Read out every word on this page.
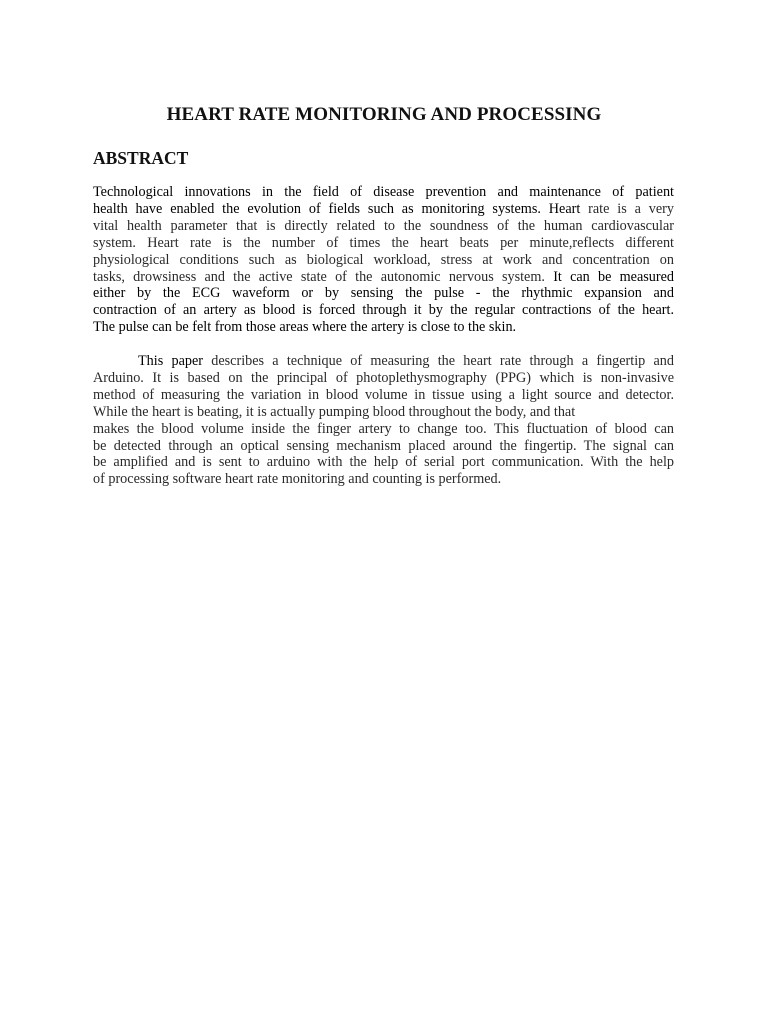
HEART RATE MONITORING AND PROCESSING
ABSTRACT

Technological innovations in the field of disease prevention and maintenance of patient
health have enabled the evolution of fields such as monitoring systems. Heart rate is a very
vital health parameter that is directly related to the soundness of the human cardiovascular
system. Heart rate is the number of times the heart beats per minute,reflects different
physiological conditions such as biological workload, stress at work and concentration on
tasks, drowsiness and the active state of the autonomic nervous system. It can be measured
either by the ECG waveform or by sensing the pulse - the rhythmic expansion and
contraction of an artery as blood is forced through it by the regular contractions of the heart.
The pulse can be felt from those areas where the artery is close to the skin.

This paper describes a technique of measuring the heart rate through a fingertip and
Arduino. It is based on the principal of photoplethysmography (PPG) which is non-invasive
method of measuring the variation in blood volume in tissue using a light source and detector.
While the heart is beating, it is actually pumping blood throughout the body, and that
makes the blood volume inside the finger artery to change too. This fluctuation of blood can
be detected through an optical sensing mechanism placed around the fingertip. The signal can
be amplified and is sent to arduino with the help of serial port communication. With the help
of processing software heart rate monitoring and counting is performed.
